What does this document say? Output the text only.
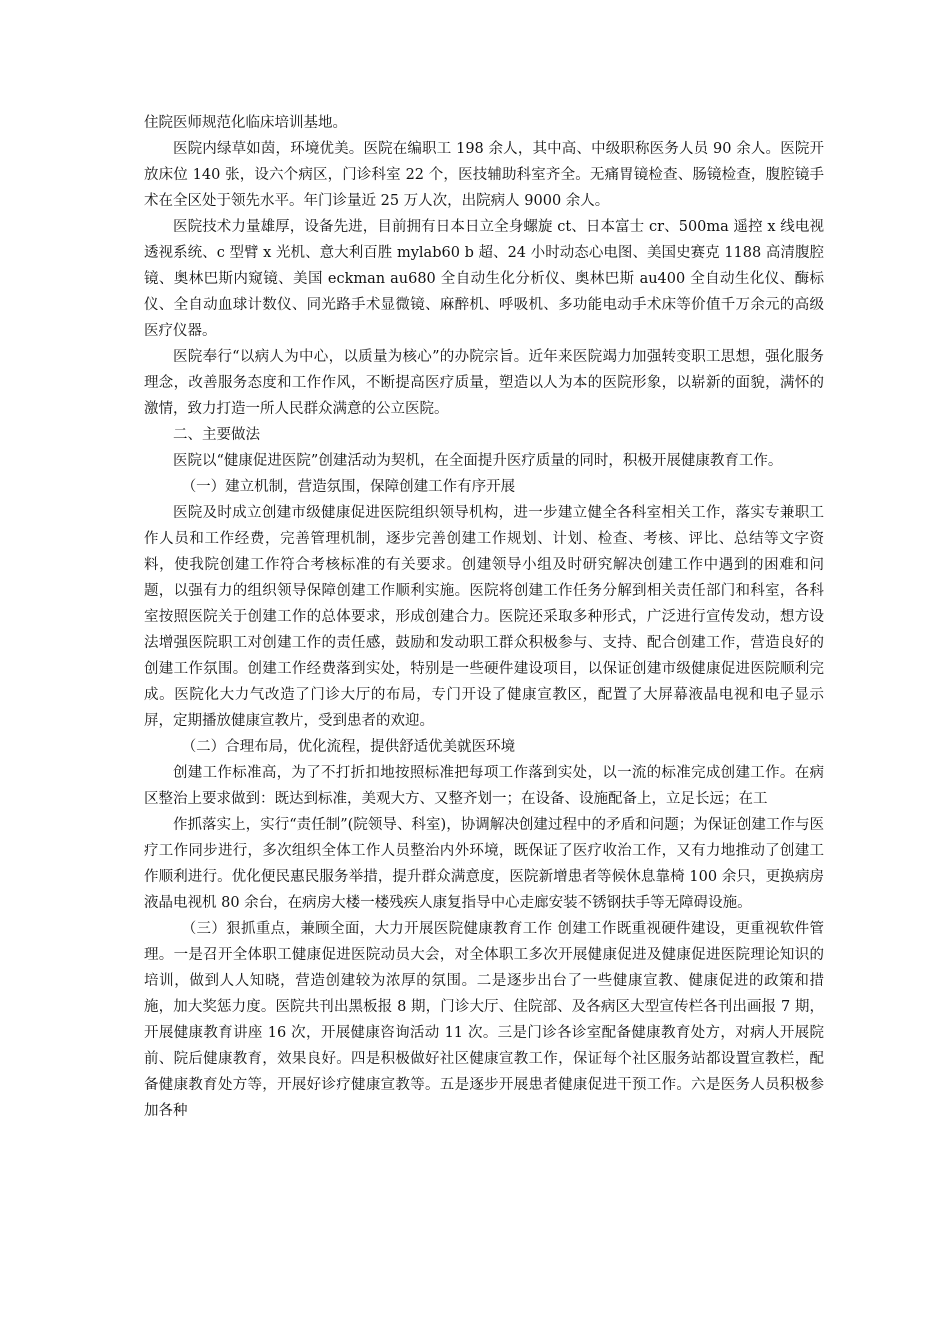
住院医师规范化临床培训基地。

医院内绿草如茵，环境优美。医院在编职工 198 余人，其中高、中级职称医务人员 90 余人。医院开放床位 140 张，设六个病区，门诊科室 22 个，医技辅助科室齐全。无痛胃镜检查、肠镜检查，腹腔镜手术在全区处于领先水平。年门诊量近 25 万人次，出院病人 9000 余人。

医院技术力量雄厚，设备先进，目前拥有日本日立全身螺旋 ct、日本富士 cr、500ma 遥控 x 线电视透视系统、c 型臂 x 光机、意大利百胜 mylab60 b 超、24 小时动态心电图、美国史赛克 1188 高清腹腔镜、奥林巴斯内窥镜、美国 eckman au680 全自动生化分析仪、奥林巴斯 au400 全自动生化仪、酶标仪、全自动血球计数仪、同光路手术显微镜、麻醉机、呼吸机、多功能电动手术床等价值千万余元的高级医疗仪器。

医院奉行“以病人为中心，以质量为核心”的办院宗旨。近年来医院竭力加强转变职工思想，强化服务理念，改善服务态度和工作作风，不断提高医疗质量，塑造以人为本的医院形象，以崭新的面貌，满怀的激情，致力打造一所人民群众满意的公立医院。

二、主要做法

医院以“健康促进医院”创建活动为契机，在全面提升医疗质量的同时，积极开展健康教育工作。

（一）建立机制，营造氛围，保障创建工作有序开展

医院及时成立创建市级健康促进医院组织领导机构，进一步建立健全各科室相关工作，落实专兼职工作人员和工作经费，完善管理机制，逐步完善创建工作规划、计划、检查、考核、评比、总结等文字资料，使我院创建工作符合考核标准的有关要求。创建领导小组及时研究解决创建工作中遇到的困难和问题，以强有力的组织领导保障创建工作顺利实施。医院将创建工作任务分解到相关责任部门和科室，各科室按照医院关于创建工作的总体要求，形成创建合力。医院还采取多种形式，广泛进行宣传发动，想方设法增强医院职工对创建工作的责任感，鼓励和发动职工群众积极参与、支持、配合创建工作，营造良好的创建工作氛围。创建工作经费落到实处，特别是一些硬件建设项目，以保证创建市级健康促进医院顺利完成。医院化大力气改造了门诊大厅的布局，专门开设了健康宣教区，配置了大屏幕液晶电视和电子显示屏，定期播放健康宣教片，受到患者的欢迎。

（二）合理布局，优化流程，提供舒适优美就医环境

创建工作标准高，为了不打折扣地按照标准把每项工作落到实处，以一流的标准完成创建工作。在病区整治上要求做到：既达到标准，美观大方、又整齐划一；在设备、设施配备上，立足长远；在工

作抓落实上，实行“责任制”(院领导、科室)，协调解决创建过程中的矛盾和问题；为保证创建工作与医疗工作同步进行，多次组织全体工作人员整治内外环境，既保证了医疗收治工作，又有力地推动了创建工作顺利进行。优化便民惠民服务举措，提升群众满意度，医院新增患者等候休息靠椅 100 余只，更换病房液晶电视机 80 余台，在病房大楼一楼残疾人康复指导中心走廊安装不锈钢扶手等无障碍设施。

（三）狠抓重点，兼顾全面，大力开展医院健康教育工作 创建工作既重视硬件建设，更重视软件管理。一是召开全体职工健康促进医院动员大会，对全体职工多次开展健康促进及健康促进医院理论知识的培训，做到人人知晓，营造创建较为浓厚的氛围。二是逐步出台了一些健康宣教、健康促进的政策和措施，加大奖惩力度。医院共刊出黑板报 8 期，门诊大厅、住院部、及各病区大型宣传栏各刊出画报 7 期，开展健康教育讲座 16 次，开展健康咨询活动 11 次。三是门诊各诊室配备健康教育处方，对病人开展院前、院后健康教育，效果良好。四是积极做好社区健康宣教工作，保证每个社区服务站都设置宣教栏，配备健康教育处方等，开展好诊疗健康宣教等。五是逐步开展患者健康促进干预工作。六是医务人员积极参加各种
